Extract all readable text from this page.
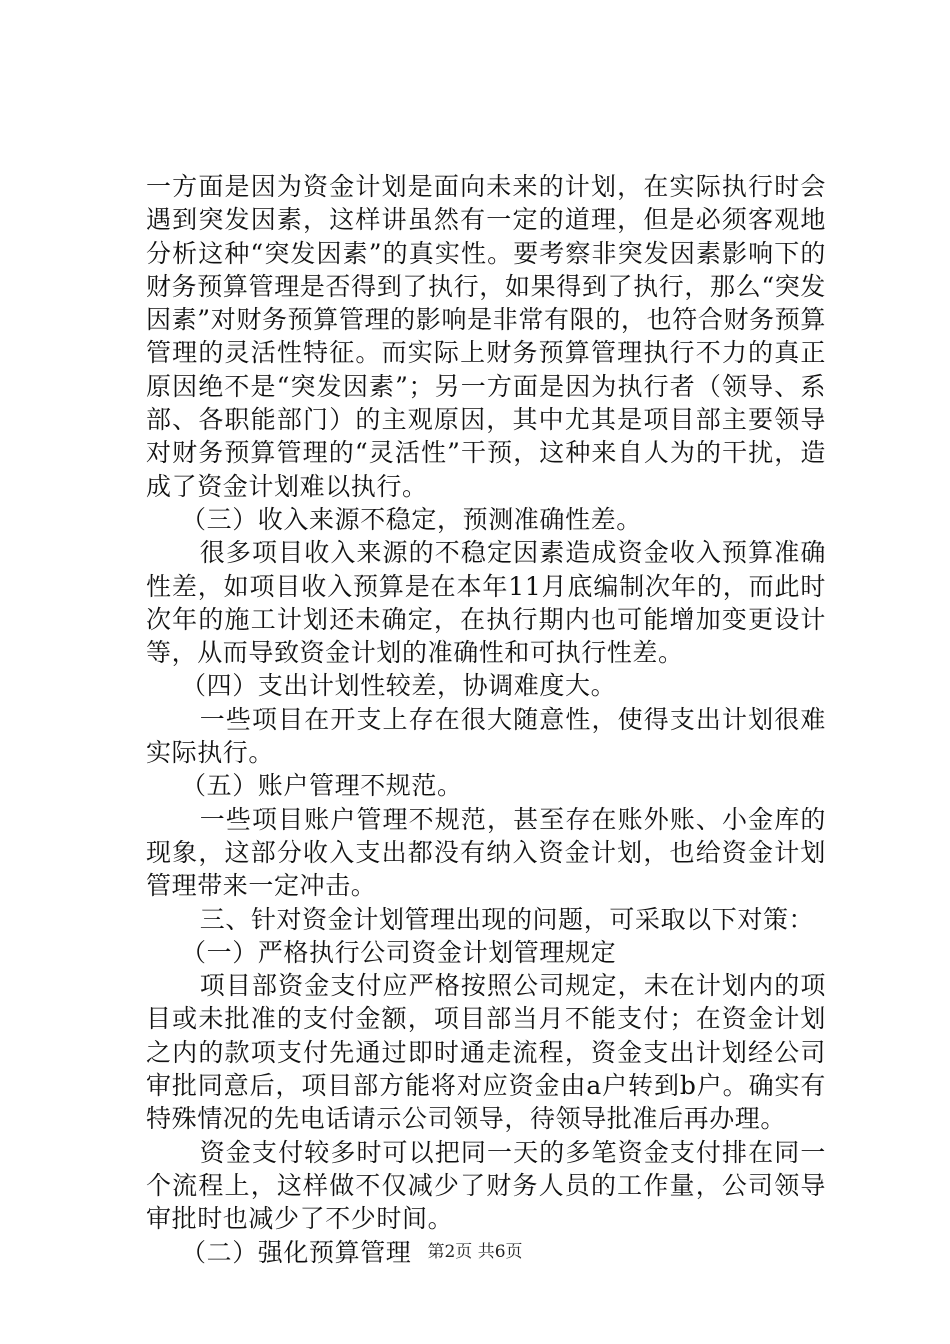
一方面是因为资金计划是面向未来的计划，在实际执行时会遇到突发因素，这样讲虽然有一定的道理，但是必须客观地分析这种“突发因素”的真实性。要考察非突发因素影响下的财务预算管理是否得到了执行，如果得到了执行，那么“突发因素”对财务预算管理的影响是非常有限的，也符合财务预算管理的灵活性特征。而实际上财务预算管理执行不力的真正原因绝不是“突发因素”；另一方面是因为执行者（领导、系部、各职能部门）的主观原因，其中尤其是项目部主要领导对财务预算管理的“灵活性”干预，这种来自人为的干扰，造成了资金计划难以执行。

（三）收入来源不稳定，预测准确性差。

很多项目收入来源的不稳定因素造成资金收入预算准确性差，如项目收入预算是在本年11月底编制次年的，而此时次年的施工计划还未确定，在执行期内也可能增加变更设计等，从而导致资金计划的准确性和可执行性差。

（四）支出计划性较差，协调难度大。

一些项目在开支上存在很大随意性，使得支出计划很难实际执行。

（五）账户管理不规范。

一些项目账户管理不规范，甚至存在账外账、小金库的现象，这部分收入支出都没有纳入资金计划，也给资金计划管理带来一定冲击。

三、针对资金计划管理出现的问题，可采取以下对策：

（一）严格执行公司资金计划管理规定

项目部资金支付应严格按照公司规定，未在计划内的项目或未批准的支付金额，项目部当月不能支付；在资金计划之内的款项支付先通过即时通走流程，资金支出计划经公司审批同意后，项目部方能将对应资金由a户转到b户。确实有特殊情况的先电话请示公司领导，待领导批准后再办理。

资金支付较多时可以把同一天的多笔资金支付排在同一个流程上，这样做不仅减少了财务人员的工作量，公司领导审批时也减少了不少时间。

（二）强化预算管理 第2页 共6页
